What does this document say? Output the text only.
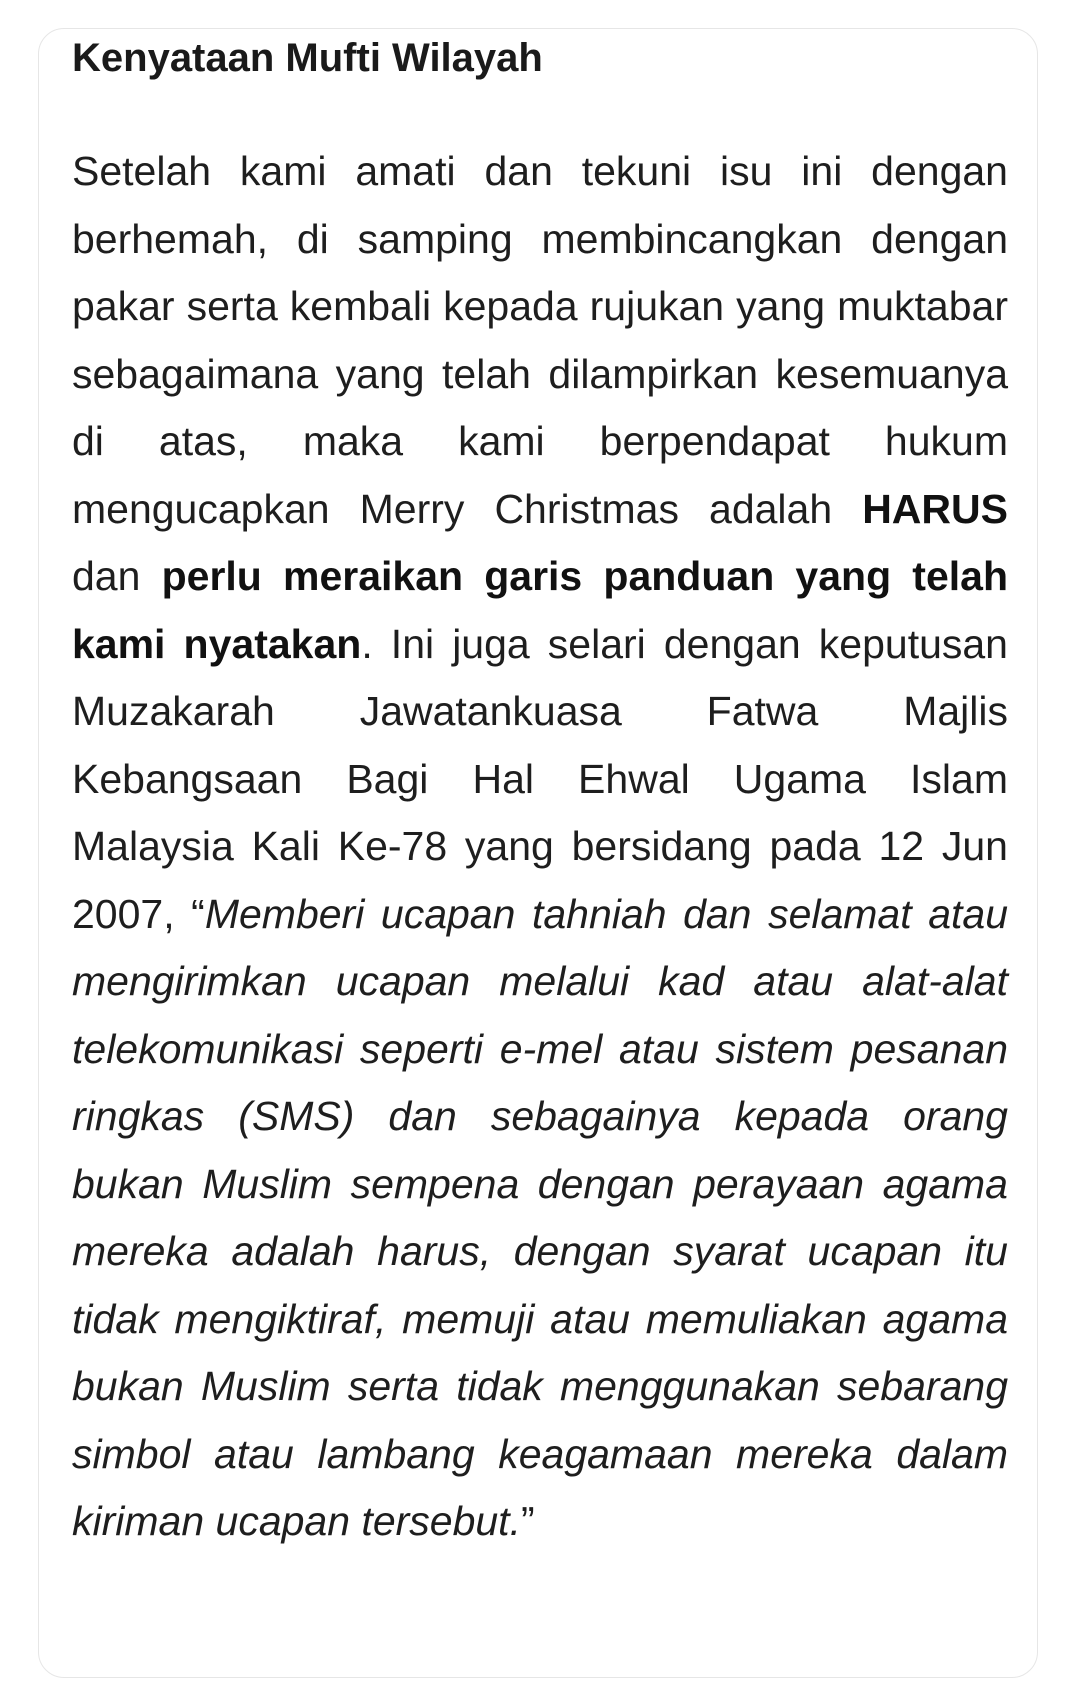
Kenyataan Mufti Wilayah

Setelah kami amati dan tekuni isu ini dengan berhemah, di samping membincangkan dengan pakar serta kembali kepada rujukan yang muktabar sebagaimana yang telah dilampirkan kesemuanya di atas, maka kami berpendapat hukum mengucapkan Merry Christmas adalah HARUS dan perlu meraikan garis panduan yang telah kami nyatakan. Ini juga selari dengan keputusan Muzakarah Jawatankuasa Fatwa Majlis Kebangsaan Bagi Hal Ehwal Ugama Islam Malaysia Kali Ke-78 yang bersidang pada 12 Jun 2007, “Memberi ucapan tahniah dan selamat atau mengirimkan ucapan melalui kad atau alat-alat telekomunikasi seperti e-mel atau sistem pesanan ringkas (SMS) dan sebagainya kepada orang bukan Muslim sempena dengan perayaan agama mereka adalah harus, dengan syarat ucapan itu tidak mengiktiraf, memuji atau memuliakan agama bukan Muslim serta tidak menggunakan sebarang simbol atau lambang keagamaan mereka dalam kiriman ucapan tersebut.”
